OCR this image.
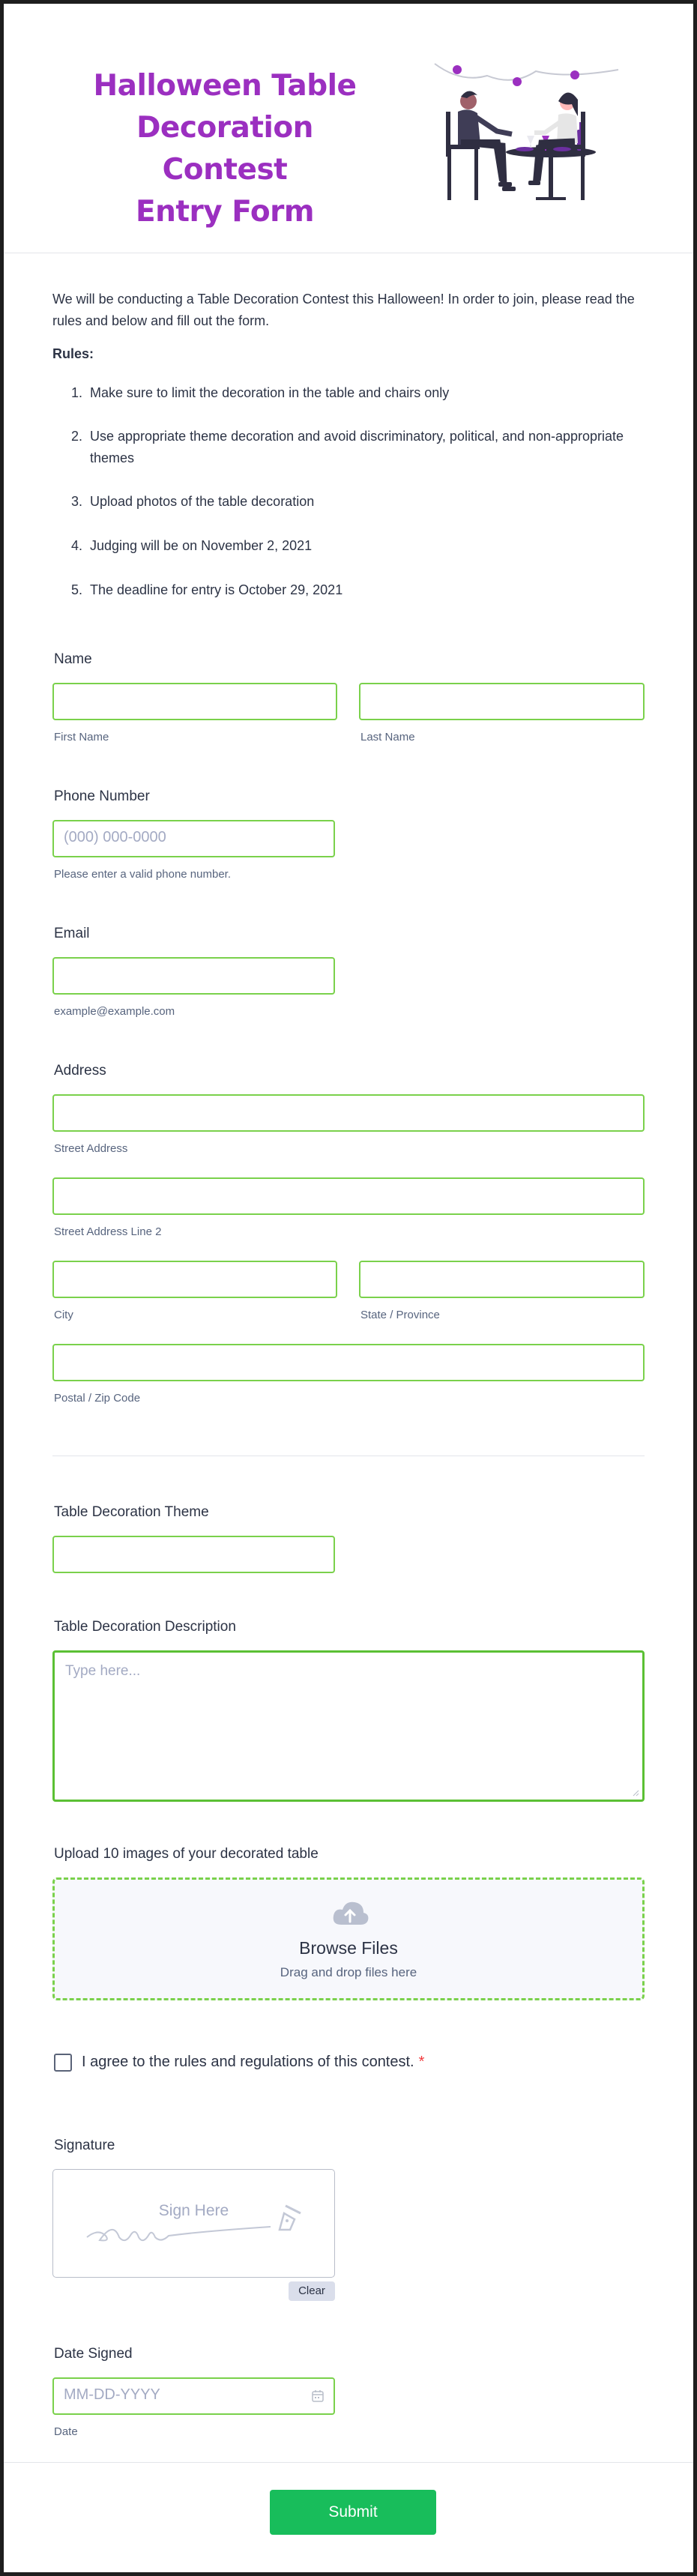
Halloween Table
Decoration Contest
Entry Form
We will be conducting a Table Decoration Contest this Halloween! In order to join, please read the rules and below and fill out the form.
Rules:
1. Make sure to limit the decoration in the table and chairs only
2. Use appropriate theme decoration and avoid discriminatory, political, and non-appropriate themes
3. Upload photos of the table decoration
4. Judging will be on November 2, 2021
5. The deadline for entry is October 29, 2021
Name
First Name	Last Name
Phone Number
(000) 000-0000
Please enter a valid phone number.
Email
example@example.com
Address
Street Address
Street Address Line 2
City	State / Province
Postal / Zip Code
Table Decoration Theme
Table Decoration Description
Type here...
Upload 10 images of your decorated table
Browse Files
Drag and drop files here
I agree to the rules and regulations of this contest. *
Signature
Sign Here
Clear
Date Signed
MM-DD-YYYY
Date
Submit
